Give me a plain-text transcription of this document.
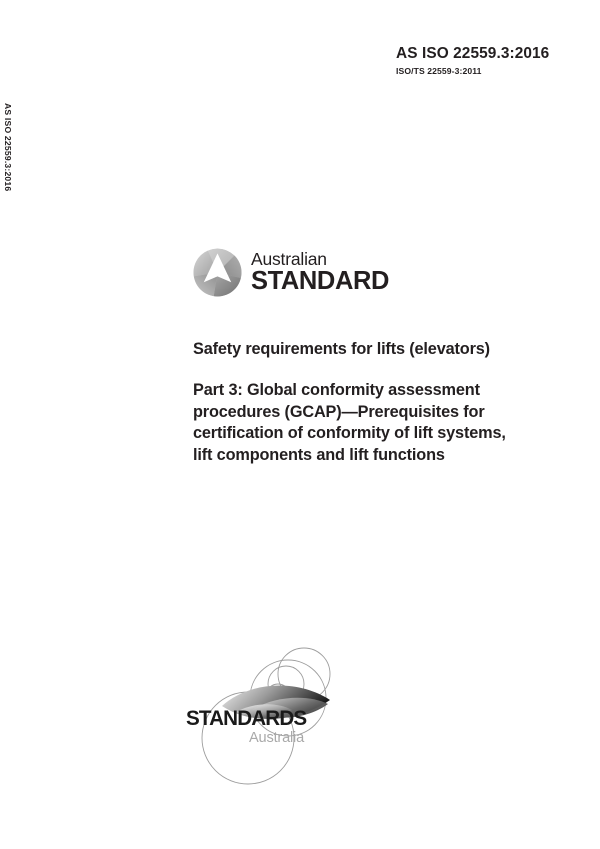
AS ISO 22559.3:2016
AS ISO 22559.3:2016
ISO/TS 22559-3:2011
Australian
STANDARD
Safety requirements for lifts (elevators)
Part 3: Global conformity assessment procedures (GCAP)—Prerequisites for certification of conformity of lift systems, lift components and lift functions
STANDARDS
Australia
